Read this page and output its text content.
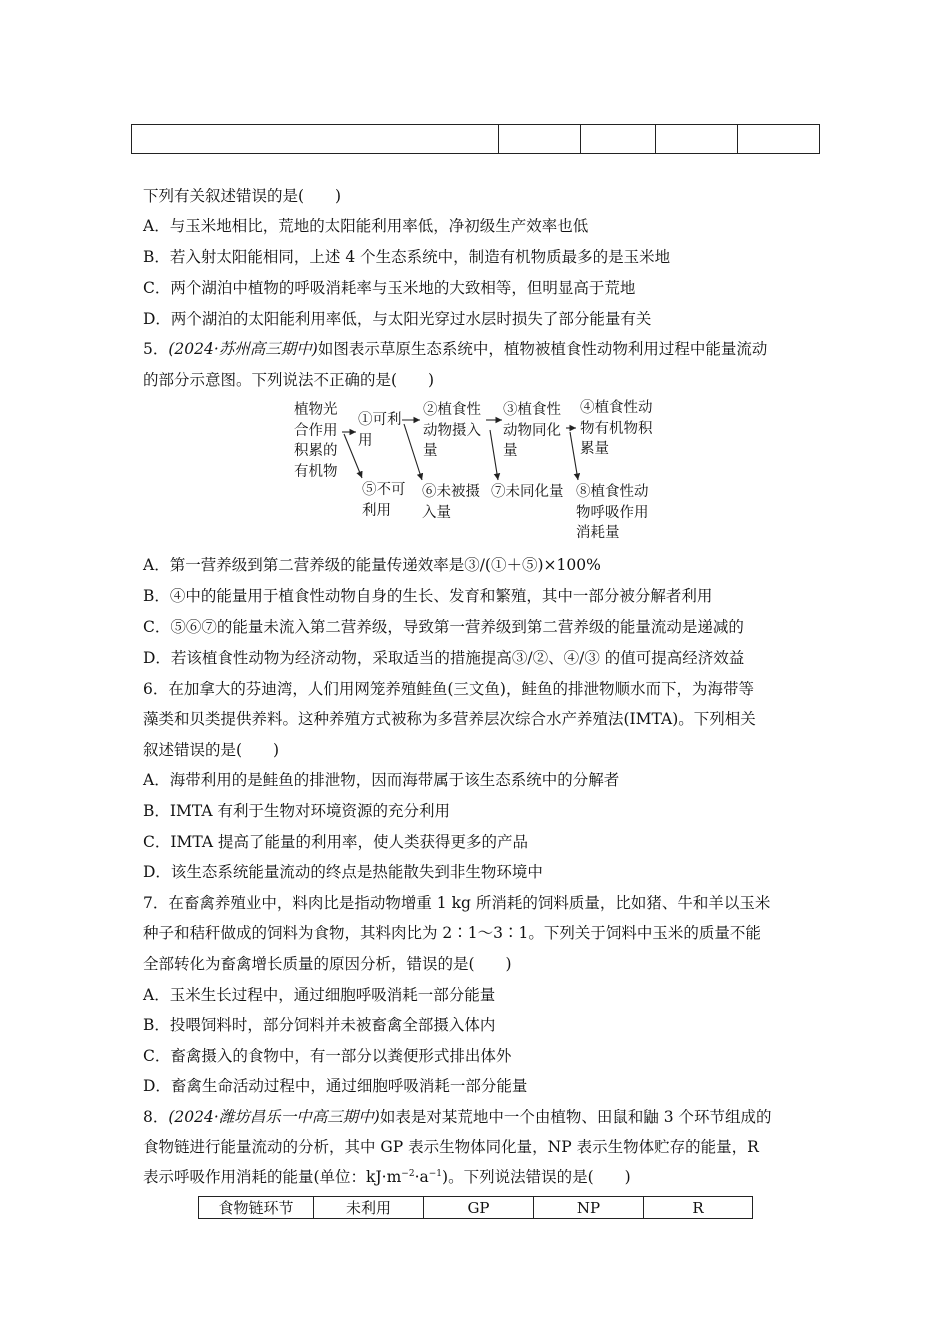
下列有关叙述错误的是(　　)
A．与玉米地相比，荒地的太阳能利用率低，净初级生产效率也低
B．若入射太阳能相同，上述 4 个生态系统中，制造有机物质最多的是玉米地
C．两个湖泊中植物的呼吸消耗率与玉米地的大致相等，但明显高于荒地
D．两个湖泊的太阳能利用率低，与太阳光穿过水层时损失了部分能量有关
5．(2024·苏州高三期中)如图表示草原生态系统中，植物被植食性动物利用过程中能量流动
的部分示意图。下列说法不正确的是(　　)
植物光
合作用
积累的
有机物
①可利
用
②植食性
动物摄入
量
③植食性
动物同化
量
④植食性动
物有机物积
累量
⑤不可
利用
⑥未被摄
入量
⑦未同化量 ⑧植食性动
物呼吸作用
消耗量
A．第一营养级到第二营养级的能量传递效率是③/(①＋⑤)×100%
B．④中的能量用于植食性动物自身的生长、发育和繁殖，其中一部分被分解者利用
C．⑤⑥⑦的能量未流入第二营养级，导致第一营养级到第二营养级的能量流动是递减的
D．若该植食性动物为经济动物，采取适当的措施提高③/②、④/③ 的值可提高经济效益
6．在加拿大的芬迪湾，人们用网笼养殖鲑鱼(三文鱼)，鲑鱼的排泄物顺水而下，为海带等
藻类和贝类提供养料。这种养殖方式被称为多营养层次综合水产养殖法(IMTA)。下列相关
叙述错误的是(　　)
A．海带利用的是鲑鱼的排泄物，因而海带属于该生态系统中的分解者
B．IMTA 有利于生物对环境资源的充分利用
C．IMTA 提高了能量的利用率，使人类获得更多的产品
D．该生态系统能量流动的终点是热能散失到非生物环境中
7．在畜禽养殖业中，料肉比是指动物增重 1 kg 所消耗的饲料质量，比如猪、牛和羊以玉米
种子和秸秆做成的饲料为食物，其料肉比为 2∶1～3∶1。下列关于饲料中玉米的质量不能
全部转化为畜禽增长质量的原因分析，错误的是(　　)
A．玉米生长过程中，通过细胞呼吸消耗一部分能量
B．投喂饲料时，部分饲料并未被畜禽全部摄入体内
C．畜禽摄入的食物中，有一部分以粪便形式排出体外
D．畜禽生命活动过程中，通过细胞呼吸消耗一部分能量
8．(2024·潍坊昌乐一中高三期中)如表是对某荒地中一个由植物、田鼠和鼬 3 个环节组成的
食物链进行能量流动的分析，其中 GP 表示生物体同化量，NP 表示生物体贮存的能量，R
表示呼吸作用消耗的能量(单位：$kJ\cdot m^{-2}\cdot a^{-1}$)。下列说法错误的是(　　)
食物链环节	未利用	GP	NP	R
